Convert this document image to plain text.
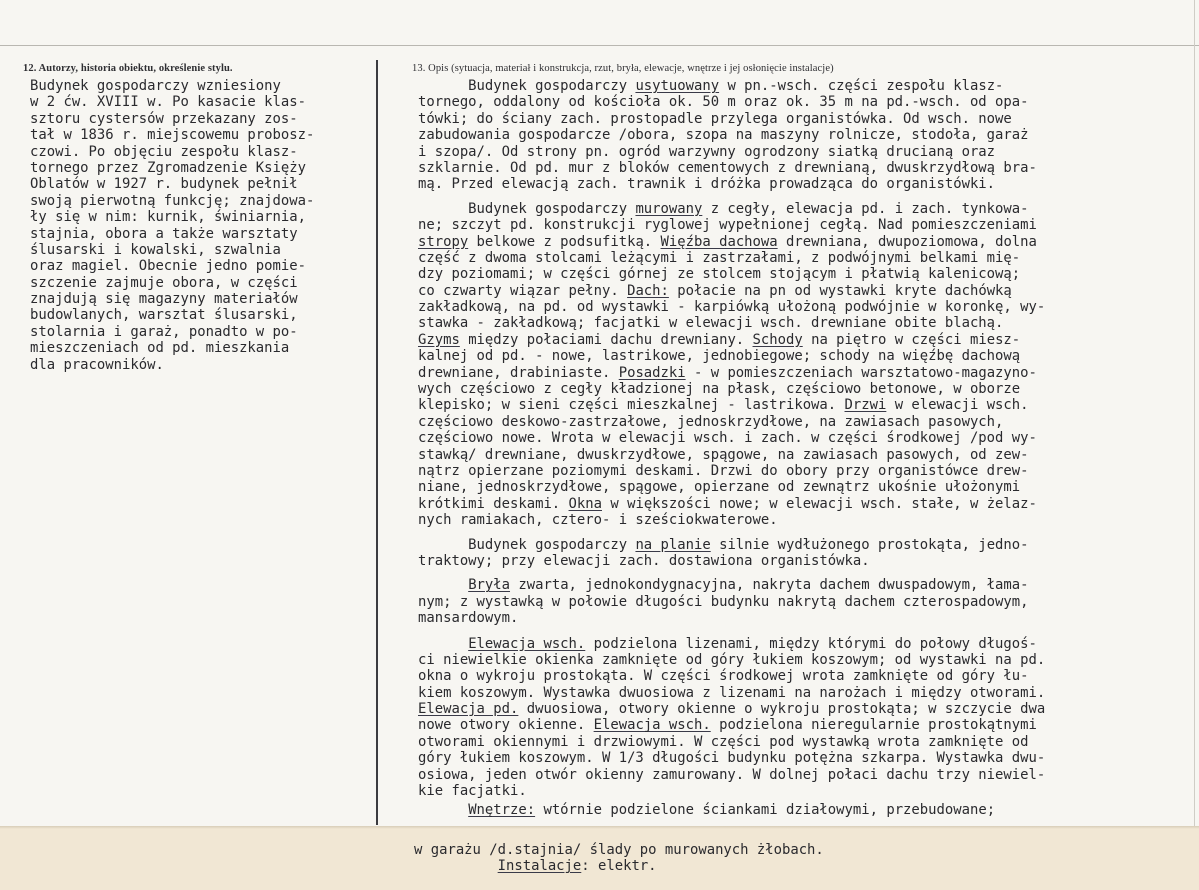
12. Autorzy, historia obiektu, określenie stylu.	13. Opis (sytuacja, materiał i konstrukcja, rzut, bryła, elewacje, wnętrze i jej osłonięcie instalacje)
Budynek gospodarczy wzniesiony
w 2 ćw. XVIII w. Po kasacie klas-
sztoru cystersów przekazany zos-
tał w 1836 r. miejscowemu probosz-
czowi. Po objęciu zespołu klasz-
tornego przez Zgromadzenie Księży
Oblatów w 1927 r. budynek pełnił
swoją pierwotną funkcję; znajdowa-
ły się w nim: kurnik, świniarnia,
stajnia, obora a także warsztaty
ślusarski i kowalski, szwalnia
oraz magiel. Obecnie jedno pomie-
szczenie zajmuje obora, w części
znajdują się magazyny materiałów
budowlanych, warsztat ślusarski,
stolarnia i garaż, ponadto w po-
mieszczeniach od pd. mieszkania
dla pracowników.
Budynek gospodarczy usytuowany w pn.-wsch. części zespołu klasz-
tornego, oddalony od kościoła ok. 50 m oraz ok. 35 m na pd.-wsch. od opa-
tówki; do ściany zach. prostopadle przylega organistówka. Od wsch. nowe
zabudowania gospodarcze /obora, szopa na maszyny rolnicze, stodoła, garaż
i szopa/. Od strony pn. ogród warzywny ogrodzony siatką drucianą oraz
szklarnie. Od pd. mur z bloków cementowych z drewnianą, dwuskrzydłową bra-
mą. Przed elewacją zach. trawnik i dróżka prowadząca do organistówki.
Budynek gospodarczy murowany z cegły, elewacja pd. i zach. tynkowa-
ne; szczyt pd. konstrukcji ryglowej wypełnionej cegłą. Nad pomieszczeniami
stropy belkowe z podsufitką. Więźba dachowa drewniana, dwupoziomowa, dolna
część z dwoma stolcami leżącymi i zastrzałami, z podwójnymi belkami mię-
dzy poziomami; w części górnej ze stolcem stojącym i płatwią kalenicową;
co czwarty wiązar pełny. Dach: połacie na pn od wystawki kryte dachówką
zakładkową, na pd. od wystawki - karpiówką ułożoną podwójnie w koronkę, wy-
stawka - zakładkową; facjatki w elewacji wsch. drewniane obite blachą.
Gzyms między połaciami dachu drewniany. Schody na piętro w części miesz-
kalnej od pd. - nowe, lastrikowe, jednobiegowe; schody na więźbę dachową
drewniane, drabiniaste. Posadzki - w pomieszczeniach warsztatowo-magazyno-
wych częściowo z cegły kładzionej na płask, częściowo betonowe, w oborze
klepisko; w sieni części mieszkalnej - lastrikowa. Drzwi w elewacji wsch.
częściowo deskowo-zastrzałowe, jednoskrzydłowe, na zawiasach pasowych,
częściowo nowe. Wrota w elewacji wsch. i zach. w części środkowej /pod wy-
stawką/ drewniane, dwuskrzydłowe, spągowe, na zawiasach pasowych, od zew-
nątrz opierzane poziomymi deskami. Drzwi do obory przy organistówce drew-
niane, jednoskrzydłowe, spągowe, opierzane od zewnątrz ukośnie ułożonymi
krótkimi deskami. Okna w większości nowe; w elewacji wsch. stałe, w żelaz-
nych ramiakach, cztero- i sześciokwaterowe.
Budynek gospodarczy na planie silnie wydłużonego prostokąta, jedno-
traktowy; przy elewacji zach. dostawiona organistówka.
Bryła zwarta, jednokondygnacyjna, nakryta dachem dwuspadowym, łama-
nym; z wystawką w połowie długości budynku nakrytą dachem czterospadowym,
mansardowym.
Elewacja wsch. podzielona lizenami, między którymi do połowy długoś-
ci niewielkie okienka zamknięte od góry łukiem koszowym; od wystawki na pd.
okna o wykroju prostokąta. W części środkowej wrota zamknięte od góry łu-
kiem koszowym. Wystawka dwuosiowa z lizenami na narożach i między otworami.
Elewacja pd. dwuosiowa, otwory okienne o wykroju prostokąta; w szczycie dwa
nowe otwory okienne. Elewacja wsch. podzielona nieregularnie prostokątnymi
otworami okiennymi i drzwiowymi. W części pod wystawką wrota zamknięte od
góry łukiem koszowym. W 1/3 długości budynku potężna szkarpa. Wystawka dwu-
osiowa, jeden otwór okienny zamurowany. W dolnej połaci dachu trzy niewiel-
kie facjatki.
Wnętrze: wtórnie podzielone ściankami działowymi, przebudowane;
w garażu /d.stajnia/ ślady po murowanych żłobach.
Instalacje: elektr.
